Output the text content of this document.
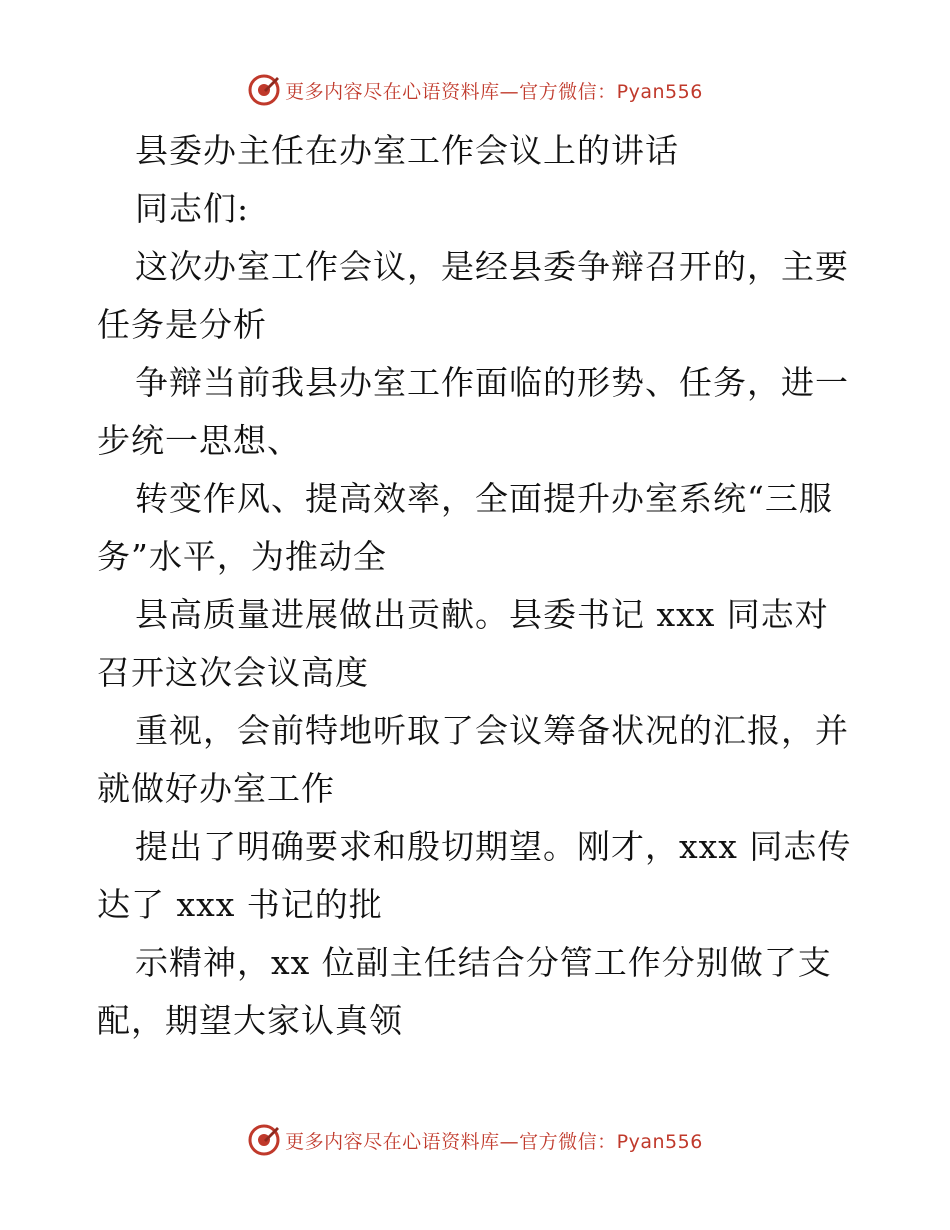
更多内容尽在心语资料库—官方微信：Pyan556
县委办主任在办室工作会议上的讲话
同志们:
这次办室工作会议，是经县委争辩召开的，主要
任务是分析
争辩当前我县办室工作面临的形势、任务，进一
步统一思想、
转变作风、提高效率，全面提升办室系统“三服
务”水平，为推动全
县高质量进展做出贡献。县委书记 xxx 同志对
召开这次会议高度
重视，会前特地听取了会议筹备状况的汇报，并
就做好办室工作
提出了明确要求和殷切期望。刚才，xxx 同志传
达了 xxx 书记的批
示精神，xx 位副主任结合分管工作分别做了支
配，期望大家认真领
更多内容尽在心语资料库—官方微信：Pyan556
